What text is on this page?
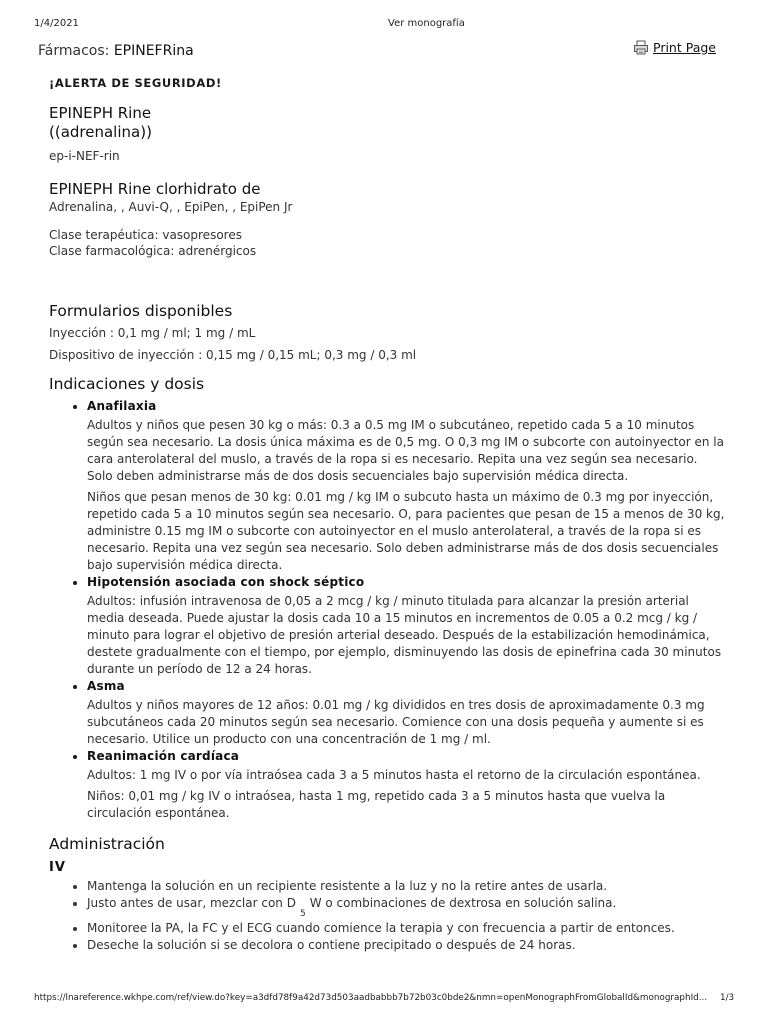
1/4/2021	Ver monografía
Fármacos: EPINEFRina	Print Page
¡ALERTA DE SEGURIDAD!
EPINEPH Rine
((adrenalina))

ep-i-NEF-rin

EPINEPH Rine clorhidrato de

Adrenalina, , Auvi-Q, , EpiPen, , EpiPen Jr

Clase terapéutica: vasopresores

Clase farmacológica: adrenérgicos

Formularios disponibles

Inyección : 0,1 mg / ml; 1 mg / mL

Dispositivo de inyección : 0,15 mg / 0,15 mL; 0,3 mg / 0,3 ml

Indicaciones y dosis
• Anafilaxia

Adultos y niños que pesen 30 kg o más: 0.3 a 0.5 mg IM o subcutáneo, repetido cada 5 a 10 minutos según sea necesario. La dosis única máxima es de 0,5 mg. O 0,3 mg IM o subcorte con autoinyector en la cara anterolateral del muslo, a través de la ropa si es necesario. Repita una vez según sea necesario. Solo deben administrarse más de dos dosis secuenciales bajo supervisión médica directa.

Niños que pesan menos de 30 kg: 0.01 mg / kg IM o subcuto hasta un máximo de 0.3 mg por inyección, repetido cada 5 a 10 minutos según sea necesario. O, para pacientes que pesan de 15 a menos de 30 kg, administre 0.15 mg IM o subcorte con autoinyector en el muslo anterolateral, a través de la ropa si es necesario. Repita una vez según sea necesario. Solo deben administrarse más de dos dosis secuenciales bajo supervisión médica directa.

• Hipotensión asociada con shock séptico

Adultos: infusión intravenosa de 0,05 a 2 mcg / kg / minuto titulada para alcanzar la presión arterial media deseada. Puede ajustar la dosis cada 10 a 15 minutos en incrementos de 0.05 a 0.2 mcg / kg / minuto para lograr el objetivo de presión arterial deseado. Después de la estabilización hemodinámica, destete gradualmente con el tiempo, por ejemplo, disminuyendo las dosis de epinefrina cada 30 minutos durante un período de 12 a 24 horas.

• Asma

Adultos y niños mayores de 12 años: 0.01 mg / kg divididos en tres dosis de aproximadamente 0.3 mg subcutáneos cada 20 minutos según sea necesario. Comience con una dosis pequeña y aumente si es necesario. Utilice un producto con una concentración de 1 mg / ml.

• Reanimación cardíaca

Adultos: 1 mg IV o por vía intraósea cada 3 a 5 minutos hasta el retorno de la circulación espontánea.

Niños: 0,01 mg / kg IV o intraósea, hasta 1 mg, repetido cada 3 a 5 minutos hasta que vuelva la circulación espontánea.

Administración
IV
• Mantenga la solución en un recipiente resistente a la luz y no la retire antes de usarla.
• Justo antes de usar, mezclar con $D_5W$ o combinaciones de dextrosa en solución salina.
• Monitoree la PA, la FC y el ECG cuando comience la terapia y con frecuencia a partir de entonces.
• Deseche la solución si se decolora o contiene precipitado o después de 24 horas.
https://lnareference.wkhpe.com/ref/view.do?key=a3dfd78f9a42d73d503aadbabbb7b72b03c0bde2&nmn=openMonographFromGlobalId&monographId... 1/3
